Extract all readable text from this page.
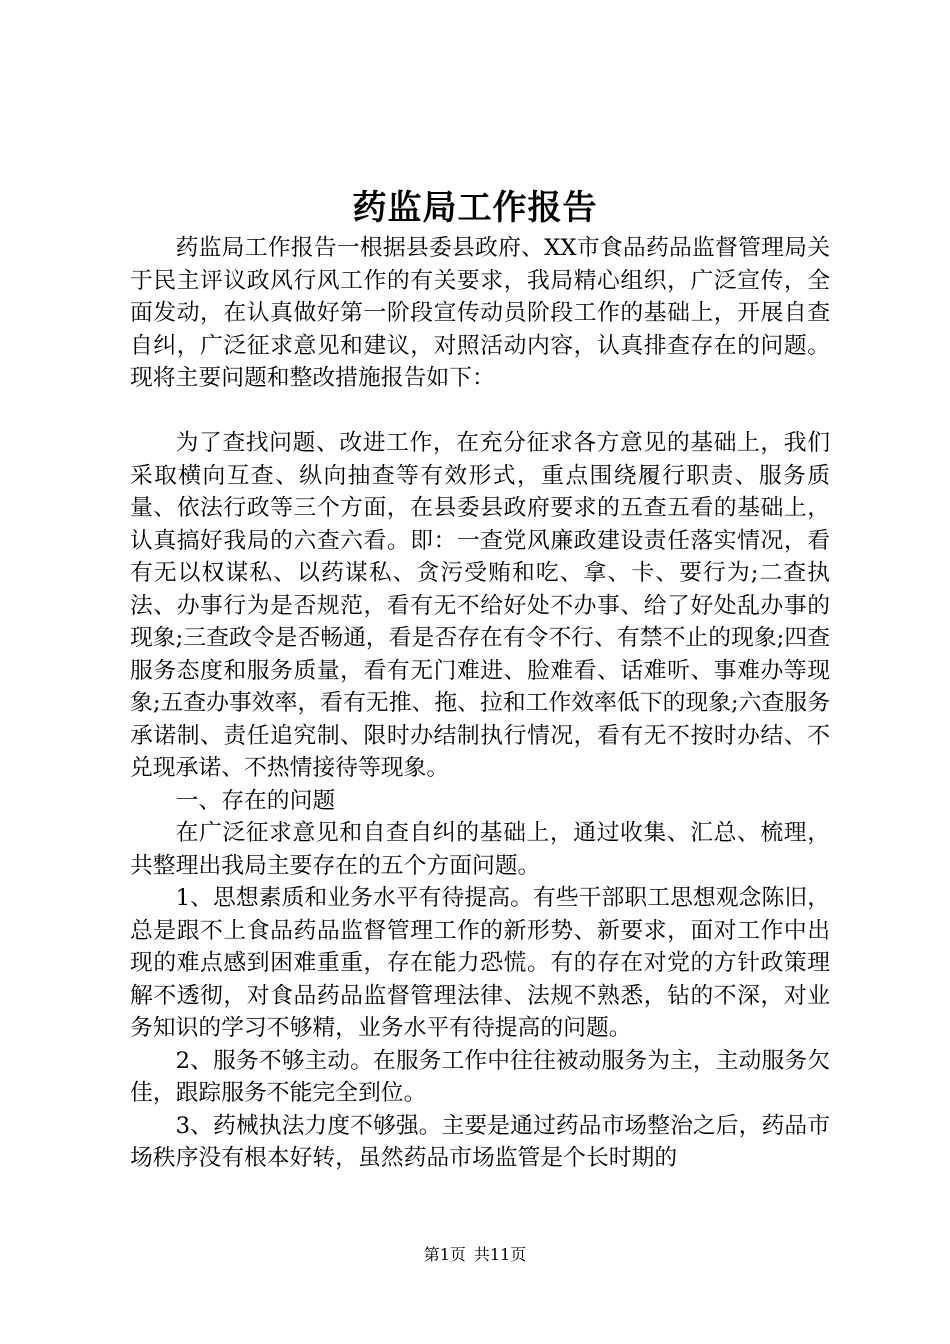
药监局工作报告

药监局工作报告一根据县委县政府、XX市食品药品监督管理局关于民主评议政风行风工作的有关要求，我局精心组织，广泛宣传，全面发动，在认真做好第一阶段宣传动员阶段工作的基础上，开展自查自纠，广泛征求意见和建议，对照活动内容，认真排查存在的问题。现将主要问题和整改措施报告如下：

为了查找问题、改进工作，在充分征求各方意见的基础上，我们采取横向互查、纵向抽查等有效形式，重点围绕履行职责、服务质量、依法行政等三个方面，在县委县政府要求的五查五看的基础上，认真搞好我局的六查六看。即：一查党风廉政建设责任落实情况，看有无以权谋私、以药谋私、贪污受贿和吃、拿、卡、要行为;二查执法、办事行为是否规范，看有无不给好处不办事、给了好处乱办事的现象;三查政令是否畅通，看是否存在有令不行、有禁不止的现象;四查服务态度和服务质量，看有无门难进、脸难看、话难听、事难办等现象;五查办事效率，看有无推、拖、拉和工作效率低下的现象;六查服务承诺制、责任追究制、限时办结制执行情况，看有无不按时办结、不兑现承诺、不热情接待等现象。

一、存在的问题

在广泛征求意见和自查自纠的基础上，通过收集、汇总、梳理，共整理出我局主要存在的五个方面问题。

1、思想素质和业务水平有待提高。有些干部职工思想观念陈旧，总是跟不上食品药品监督管理工作的新形势、新要求，面对工作中出现的难点感到困难重重，存在能力恐慌。有的存在对党的方针政策理解不透彻，对食品药品监督管理法律、法规不熟悉，钻的不深，对业务知识的学习不够精，业务水平有待提高的问题。

2、服务不够主动。在服务工作中往往被动服务为主，主动服务欠佳，跟踪服务不能完全到位。

3、药械执法力度不够强。主要是通过药品市场整治之后，药品市场秩序没有根本好转，虽然药品市场监管是个长时期的

第1页 共11页
